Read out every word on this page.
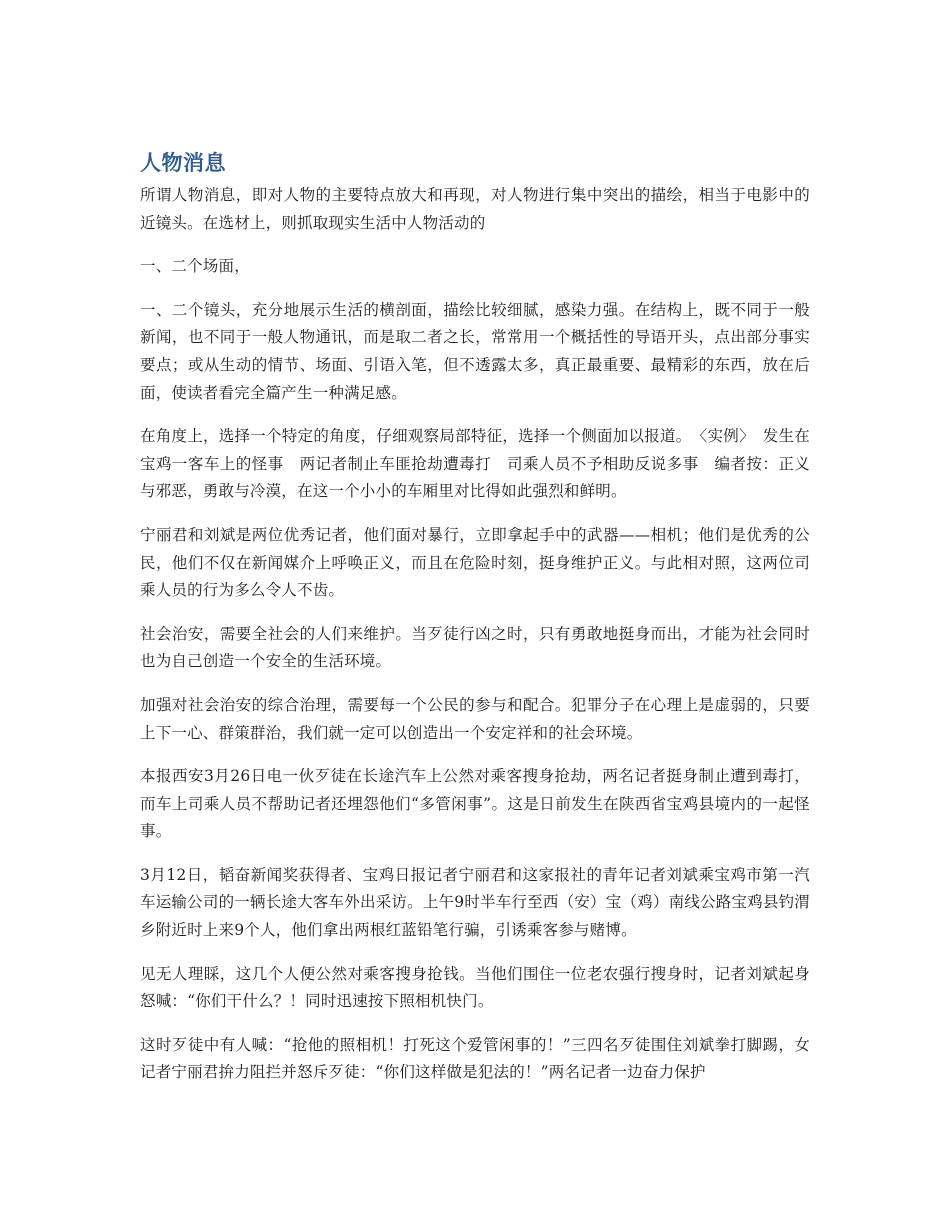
人物消息

所谓人物消息，即对人物的主要特点放大和再现，对人物进行集中突出的描绘，相当于电影中的近镜头。在选材上，则抓取现实生活中人物活动的

一、二个场面，

一、二个镜头，充分地展示生活的横剖面，描绘比较细腻，感染力强。在结构上，既不同于一般新闻，也不同于一般人物通讯，而是取二者之长，常常用一个概括性的导语开头，点出部分事实要点；或从生动的情节、场面、引语入笔，但不透露太多，真正最重要、最精彩的东西，放在后面，使读者看完全篇产生一种满足感。

在角度上，选择一个特定的角度，仔细观察局部特征，选择一个侧面加以报道。　〈实例〉　发生在宝鸡一客车上的怪事　两记者制止车匪抢劫遭毒打　司乘人员不予相助反说多事　编者按：正义与邪恶，勇敢与冷漠，在这一个小小的车厢里对比得如此强烈和鲜明。

宁丽君和刘斌是两位优秀记者，他们面对暴行，立即拿起手中的武器——相机；他们是优秀的公民，他们不仅在新闻媒介上呼唤正义，而且在危险时刻，挺身维护正义。与此相对照，这两位司乘人员的行为多么令人不齿。

社会治安，需要全社会的人们来维护。当歹徒行凶之时，只有勇敢地挺身而出，才能为社会同时也为自己创造一个安全的生活环境。

加强对社会治安的综合治理，需要每一个公民的参与和配合。犯罪分子在心理上是虚弱的，只要上下一心、群策群治，我们就一定可以创造出一个安定祥和的社会环境。

本报西安3月26日电一伙歹徒在长途汽车上公然对乘客搜身抢劫，两名记者挺身制止遭到毒打，而车上司乘人员不帮助记者还埋怨他们“多管闲事”。这是日前发生在陕西省宝鸡县境内的一起怪事。

3月12日，韬奋新闻奖获得者、宝鸡日报记者宁丽君和这家报社的青年记者刘斌乘宝鸡市第一汽车运输公司的一辆长途大客车外出采访。上午9时半车行至西（安）宝（鸡）南线公路宝鸡县钓渭乡附近时上来9个人，他们拿出两根红蓝铅笔行骗，引诱乘客参与赌博。

见无人理睬，这几个人便公然对乘客搜身抢钱。当他们围住一位老农强行搜身时，记者刘斌起身怒喊：“你们干什么？！同时迅速按下照相机快门。

这时歹徒中有人喊：“抢他的照相机！打死这个爱管闲事的！”三四名歹徒围住刘斌拳打脚踢，女记者宁丽君拚力阻拦并怒斥歹徒：“你们这样做是犯法的！”两名记者一边奋力保护
